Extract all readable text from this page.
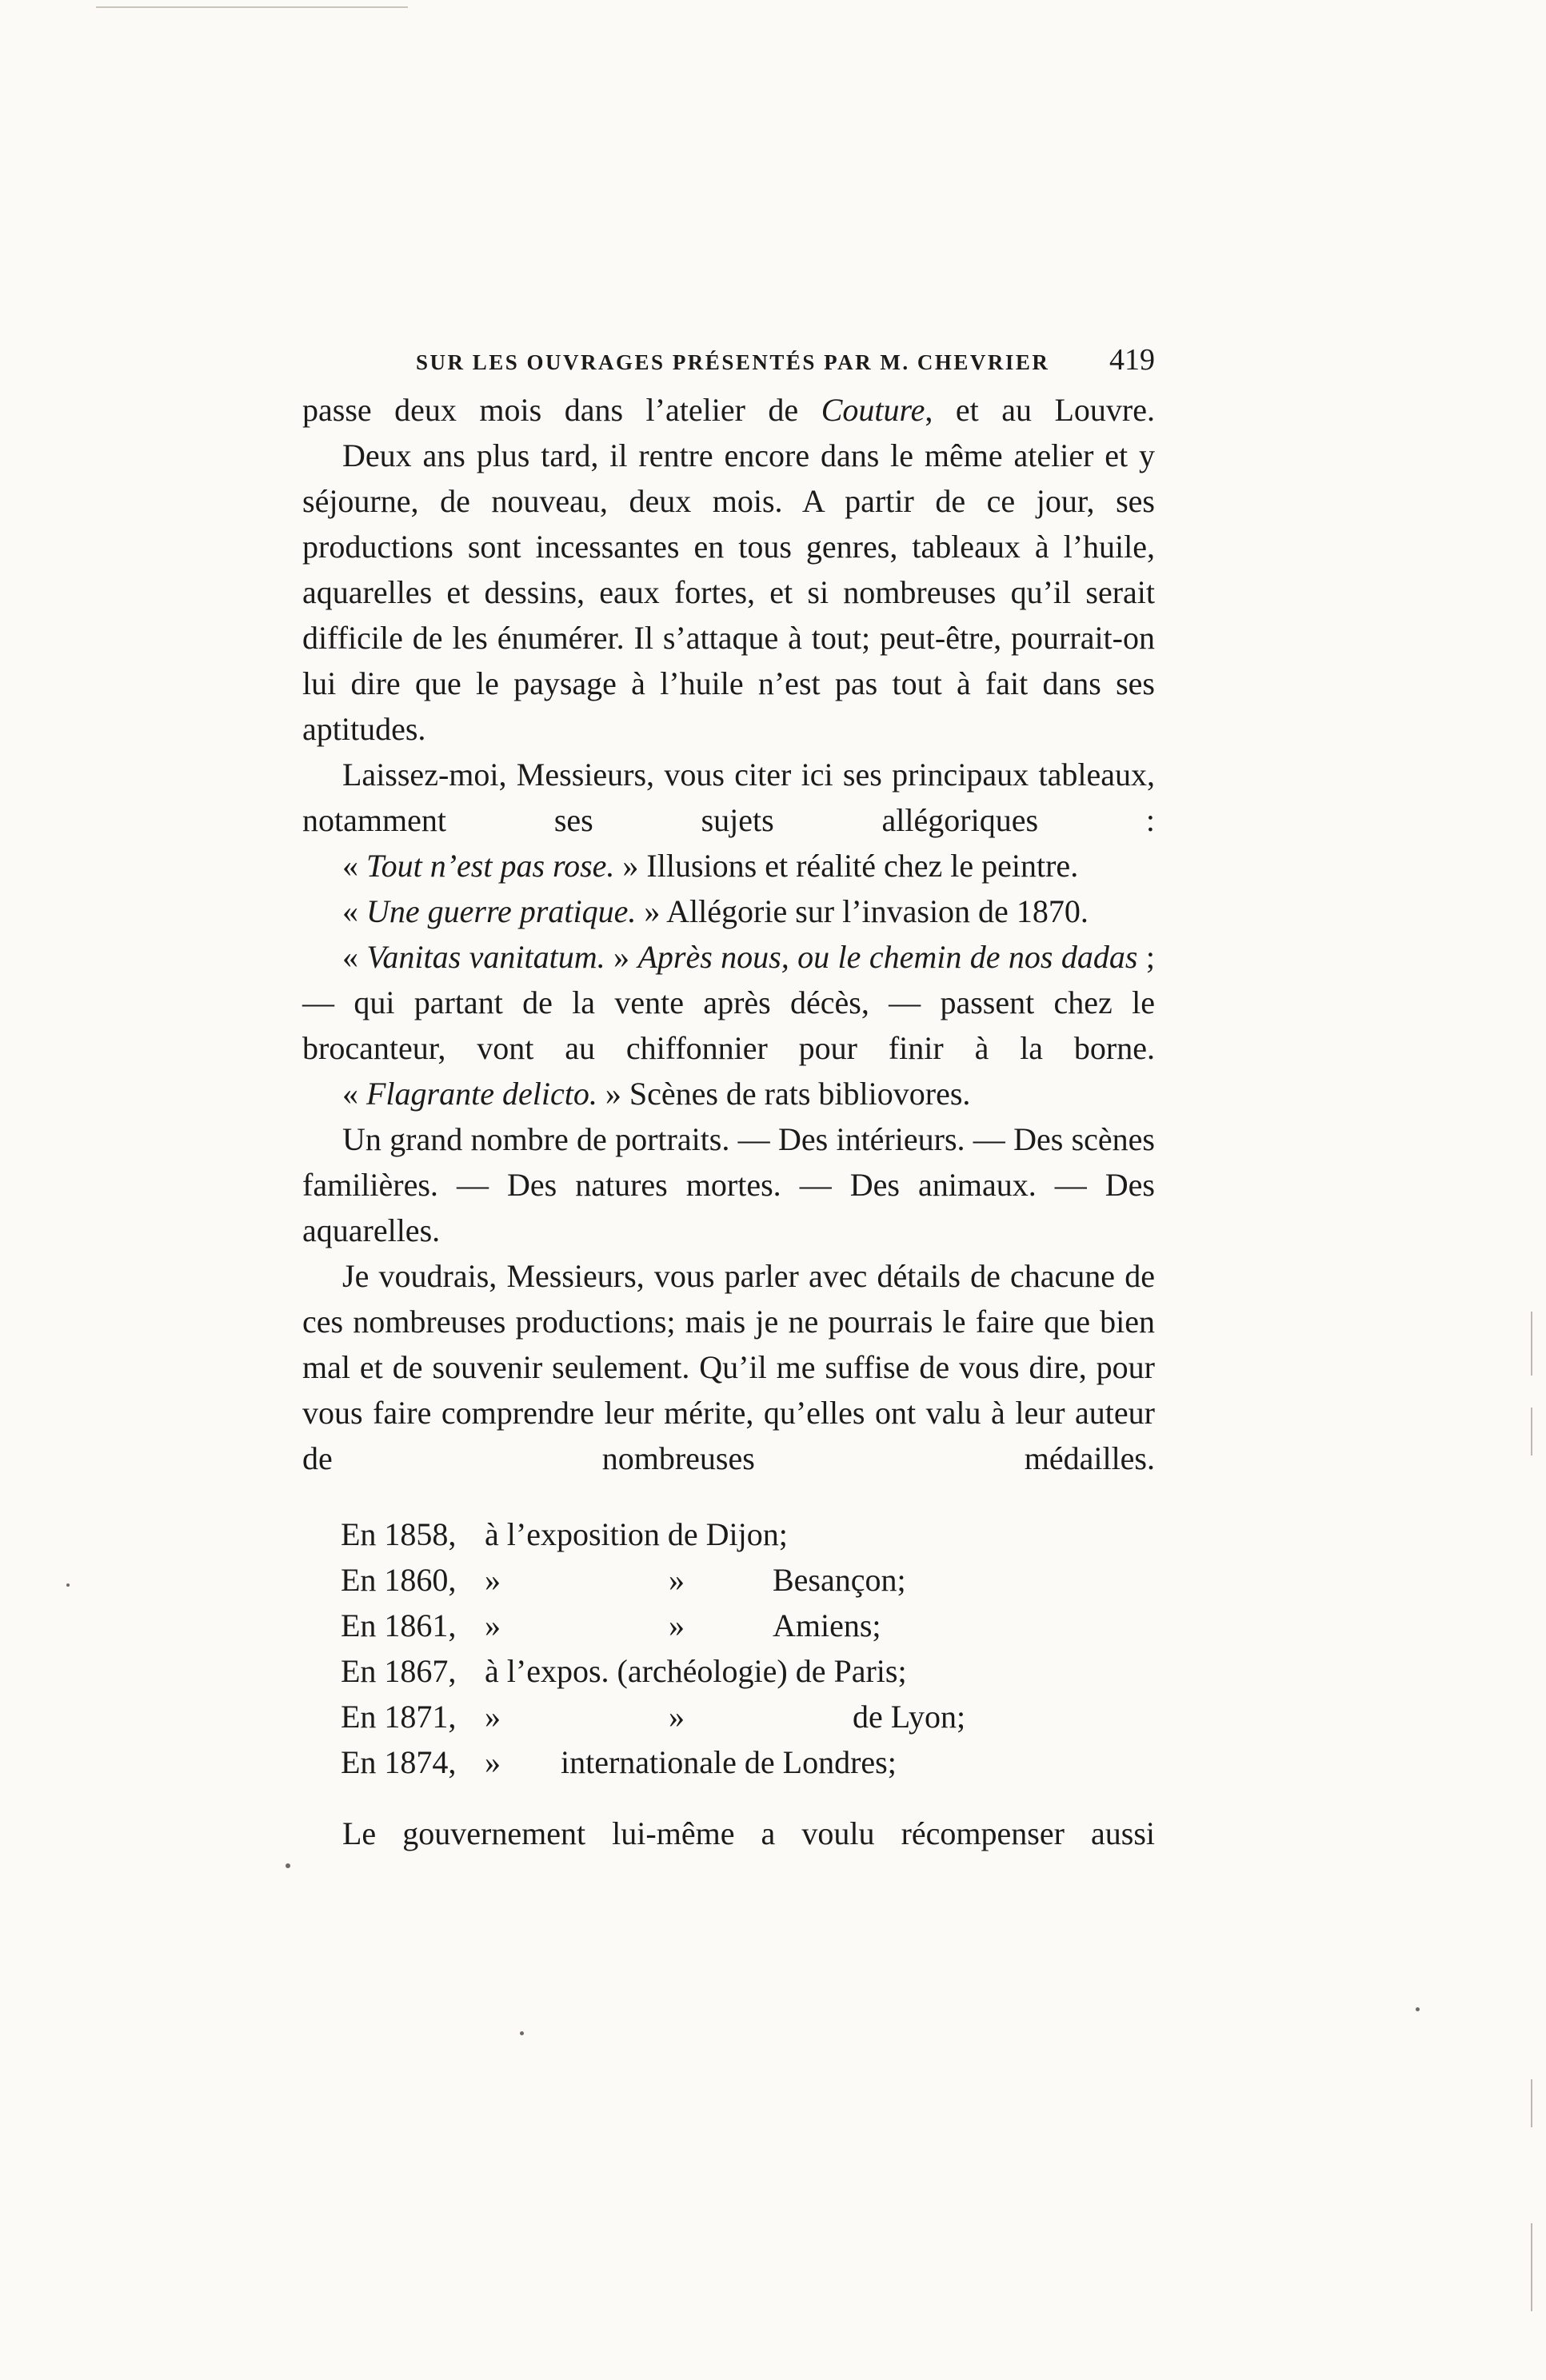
SUR LES OUVRAGES PRÉSENTÉS PAR M. CHEVRIER 419

passe deux mois dans l’atelier de Couture, et au Louvre.

Deux ans plus tard, il rentre encore dans le même atelier et y séjourne, de nouveau, deux mois. A partir de ce jour, ses productions sont incessantes en tous genres, tableaux à l’huile, aquarelles et dessins, eaux fortes, et si nombreuses qu’il serait difficile de les énumérer. Il s’attaque à tout; peut-être, pourrait-on lui dire que le paysage à l’huile n’est pas tout à fait dans ses aptitudes.

Laissez-moi, Messieurs, vous citer ici ses principaux tableaux, notamment ses sujets allégoriques :

« Tout n’est pas rose. » Illusions et réalité chez le peintre.

« Une guerre pratique. » Allégorie sur l’invasion de 1870.

« Vanitas vanitatum. » Après nous, ou le chemin de nos dadas ; — qui partant de la vente après décès, — passent chez le brocanteur, vont au chiffonnier pour finir à la borne.

« Flagrante delicto. » Scènes de rats bibliovores.

Un grand nombre de portraits. — Des intérieurs. — Des scènes familières. — Des natures mortes. — Des animaux. — Des aquarelles.

Je voudrais, Messieurs, vous parler avec détails de chacune de ces nombreuses productions; mais je ne pourrais le faire que bien mal et de souvenir seulement. Qu’il me suffise de vous dire, pour vous faire comprendre leur mérite, qu’elles ont valu à leur auteur de nombreuses médailles.

En 1858, à l’exposition de Dijon;
En 1860, »	»	Besançon;
En 1861, »	»	Amiens;
En 1867, à l’expos. (archéologie) de Paris;
En 1871, »	»	de Lyon;
En 1874, »	internationale de Londres;

Le gouvernement lui-même a voulu récompenser aussi
